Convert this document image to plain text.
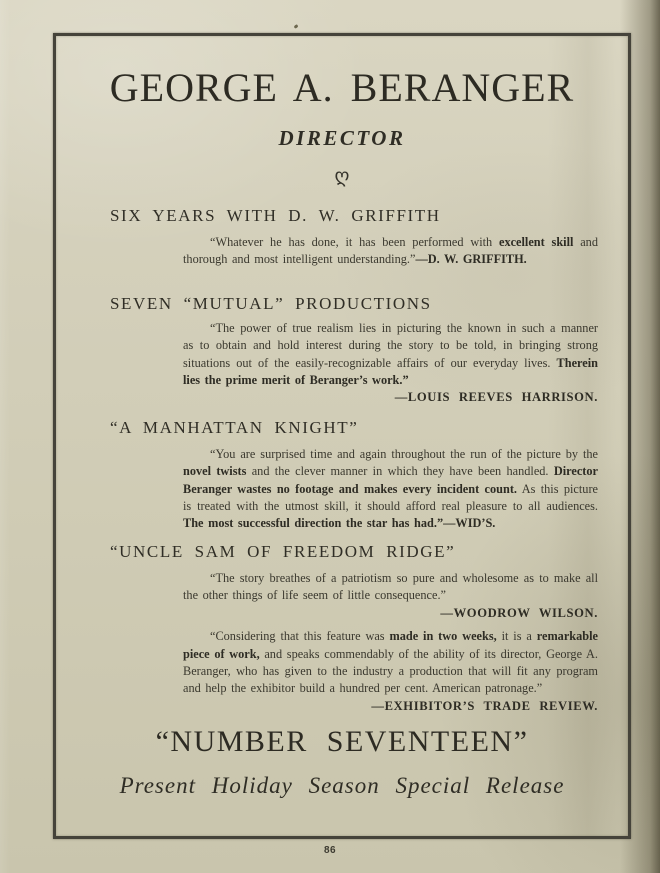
GEORGE A. BERANGER
DIRECTOR
ღ
SIX YEARS WITH D. W. GRIFFITH

“Whatever he has done, it has been performed with excellent skill and thorough and most intelligent understanding.”—D. W. GRIFFITH.

SEVEN “MUTUAL” PRODUCTIONS

“The power of true realism lies in picturing the known in such a manner as to obtain and hold interest during the story to be told, in bringing strong situations out of the easily-recognizable affairs of our everyday lives. Therein lies the prime merit of Beranger’s work.”

—LOUIS REEVES HARRISON.
“A MANHATTAN KNIGHT”

“You are surprised time and again throughout the run of the picture by the novel twists and the clever manner in which they have been handled. Director Beranger wastes no footage and makes every incident count. As this picture is treated with the utmost skill, it should afford real pleasure to all audiences. The most successful direction the star has had.”—WID’S.

“UNCLE SAM OF FREEDOM RIDGE”

“The story breathes of a patriotism so pure and wholesome as to make all the other things of life seem of little consequence.”

—WOODROW WILSON.

“Considering that this feature was made in two weeks, it is a remarkable piece of work, and speaks commendably of the ability of its director, George A. Beranger, who has given to the industry a production that will fit any program and help the exhibitor build a hundred per cent. American patronage.”

—EXHIBITOR’S TRADE REVIEW.
“NUMBER SEVENTEEN”
Present Holiday Season Special Release
86
